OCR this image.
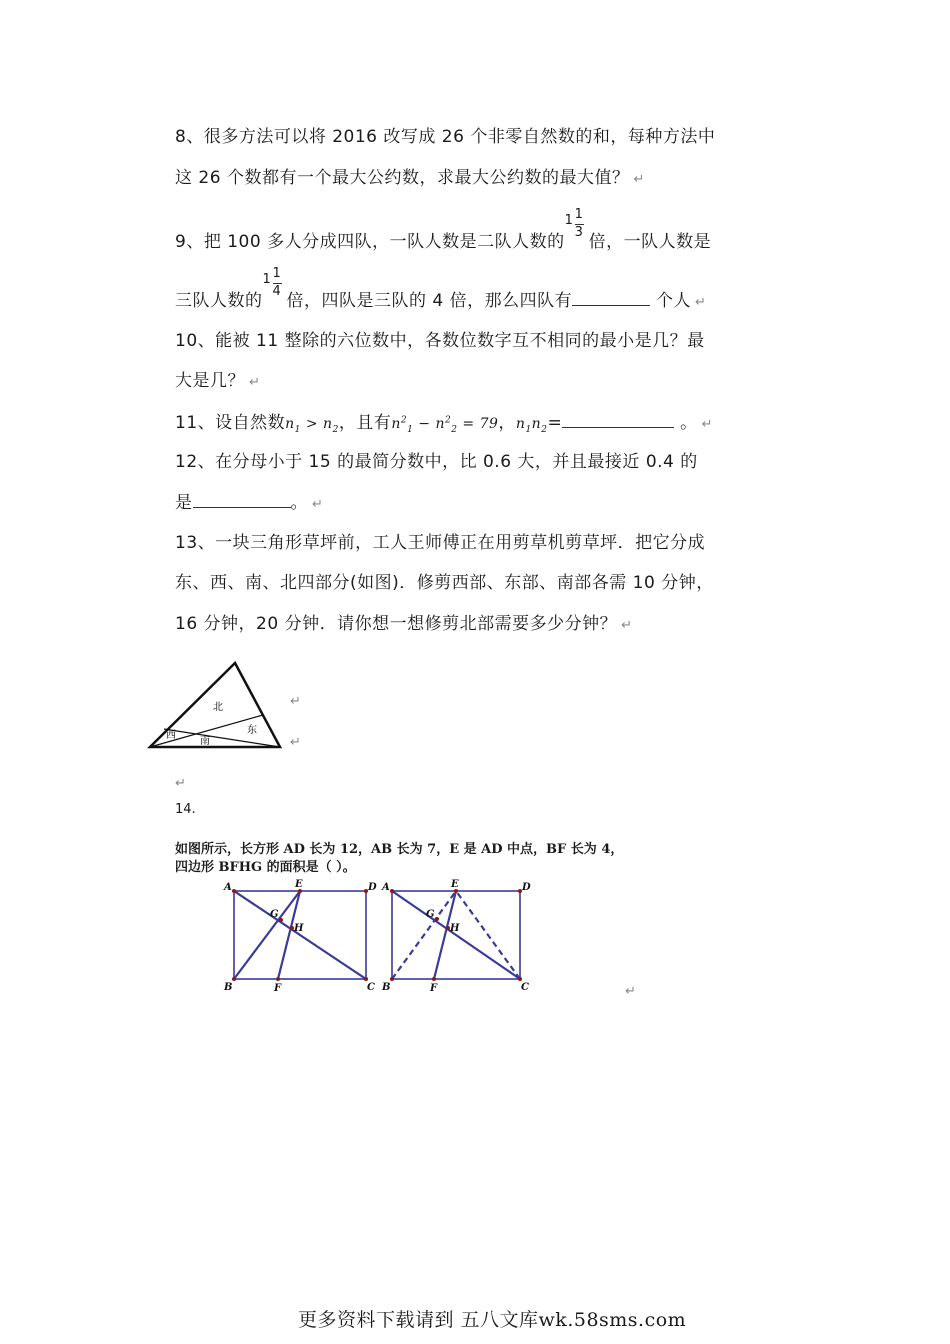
8、很多方法可以将 2016 改写成 26 个非零自然数的和，每种方法中
这 26 个数都有一个最大公约数，求最大公约数的最大值？ ↵
9、把 100 多人分成四队，一队人数是二队人数的
1 1
3 倍，一队人数是
三队人数的
1 1
4 倍，四队是三队的 4 倍，那么四队有	个人 ↵
10、能被 11 整除的六位数中，各数位数字互不相同的最小是几？最
大是几？ ↵
11、设自然数$n_1 > n_2$，且有$n^2_1 - n^2_2 = 79$，$n_1n_2=$	。 ↵
12、在分母小于 15 的最简分数中，比 0.6 大，并且最接近 0.4 的
是	。 ↵
13、一块三角形草坪前，工人王师傅正在用剪草机剪草坪．把它分成
东、西、南、北四部分(如图)．修剪西部、东部、南部各需 10 分钟，
16 分钟，20 分钟．请你想一想修剪北部需要多少分钟？ ↵
北
西
南
东
↵
↵
↵
14.
如图所示，长方形 AD 长为 12，AB 长为 7，E 是 AD 中点，BF 长为 4，
四边形 BFHG 的面积是（ ）。
A	D
E
B	C
F
G
H
A	D
E
B	C
F
G
H
↵
更多资料下载请到 五八文库wk.58sms.com
